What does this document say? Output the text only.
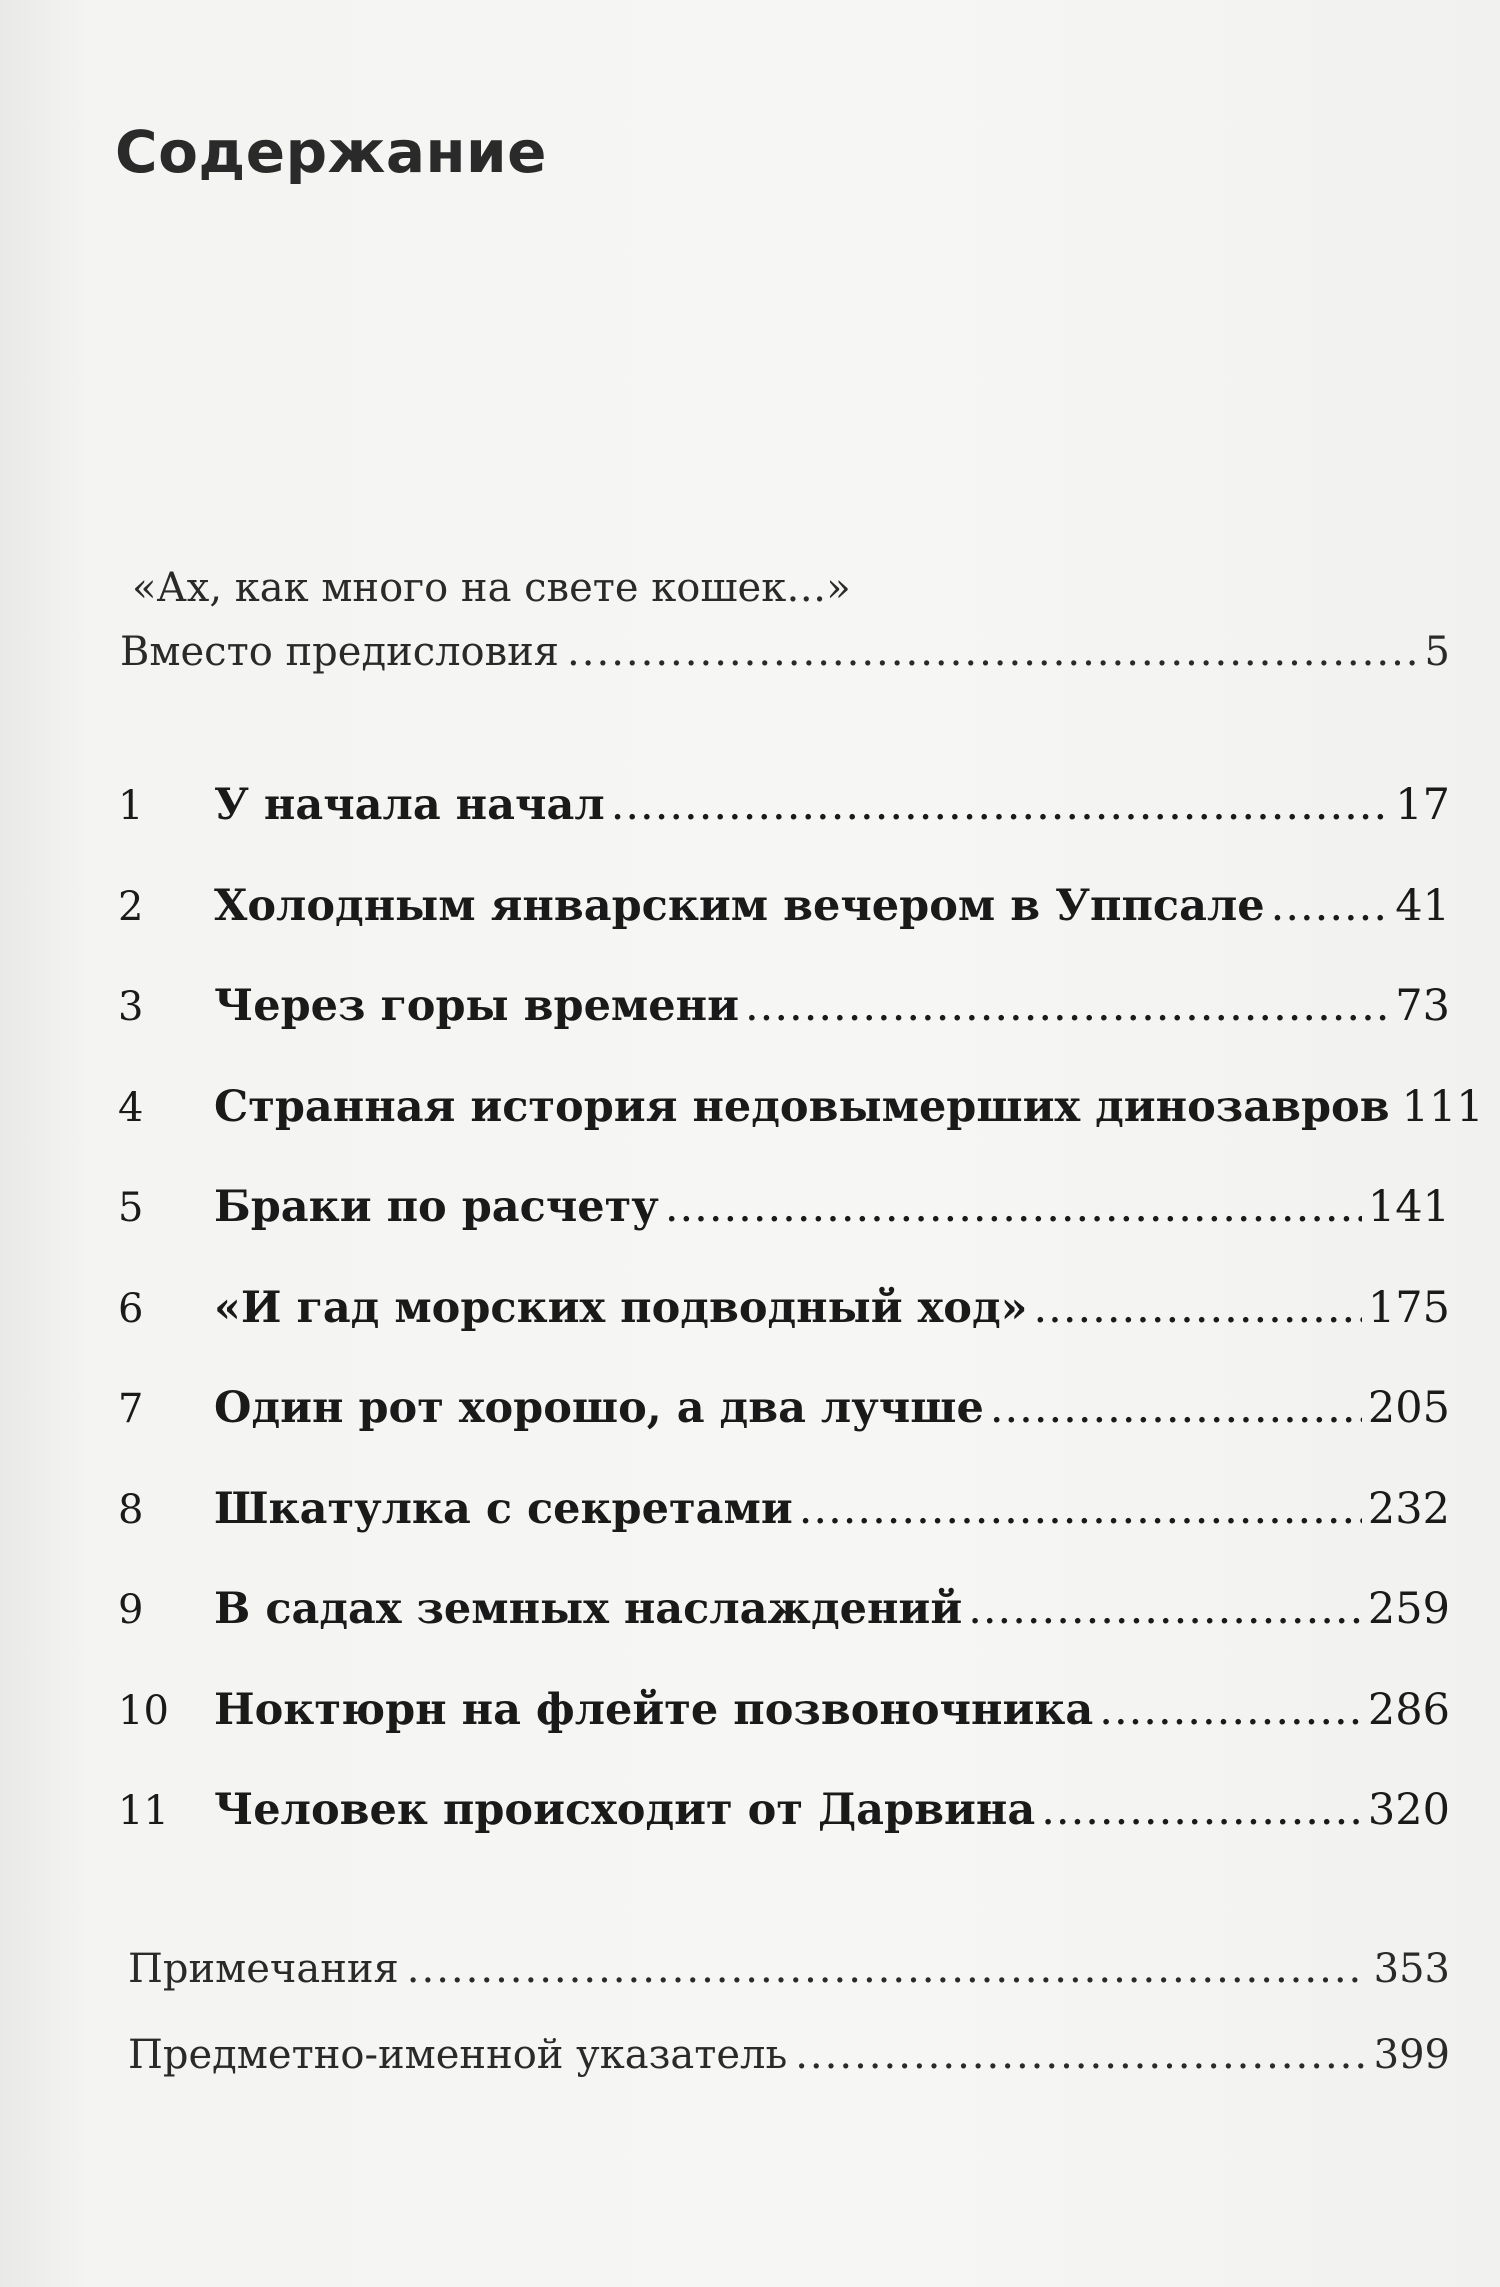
Содержание
«Ах, как много на свете кошек…»
Вместо предисловия .....	5
1	У начала начал .....	17
2	Холодным январским вечером в Уппсале .....	41
3	Через горы времени .....	73
4	Странная история недовымерших динозавров 111
5	Браки по расчету .....	141
6	«И гад морских подводный ход» .....	175
7	Один рот хорошо, а два лучше .....	205
8	Шкатулка с секретами .....	232
9	В садах земных наслаждений .....	259
10	Ноктюрн на флейте позвоночника .....	286
11	Человек происходит от Дарвина .....	320
Примечания .....	353
Предметно-именной указатель .....	399
